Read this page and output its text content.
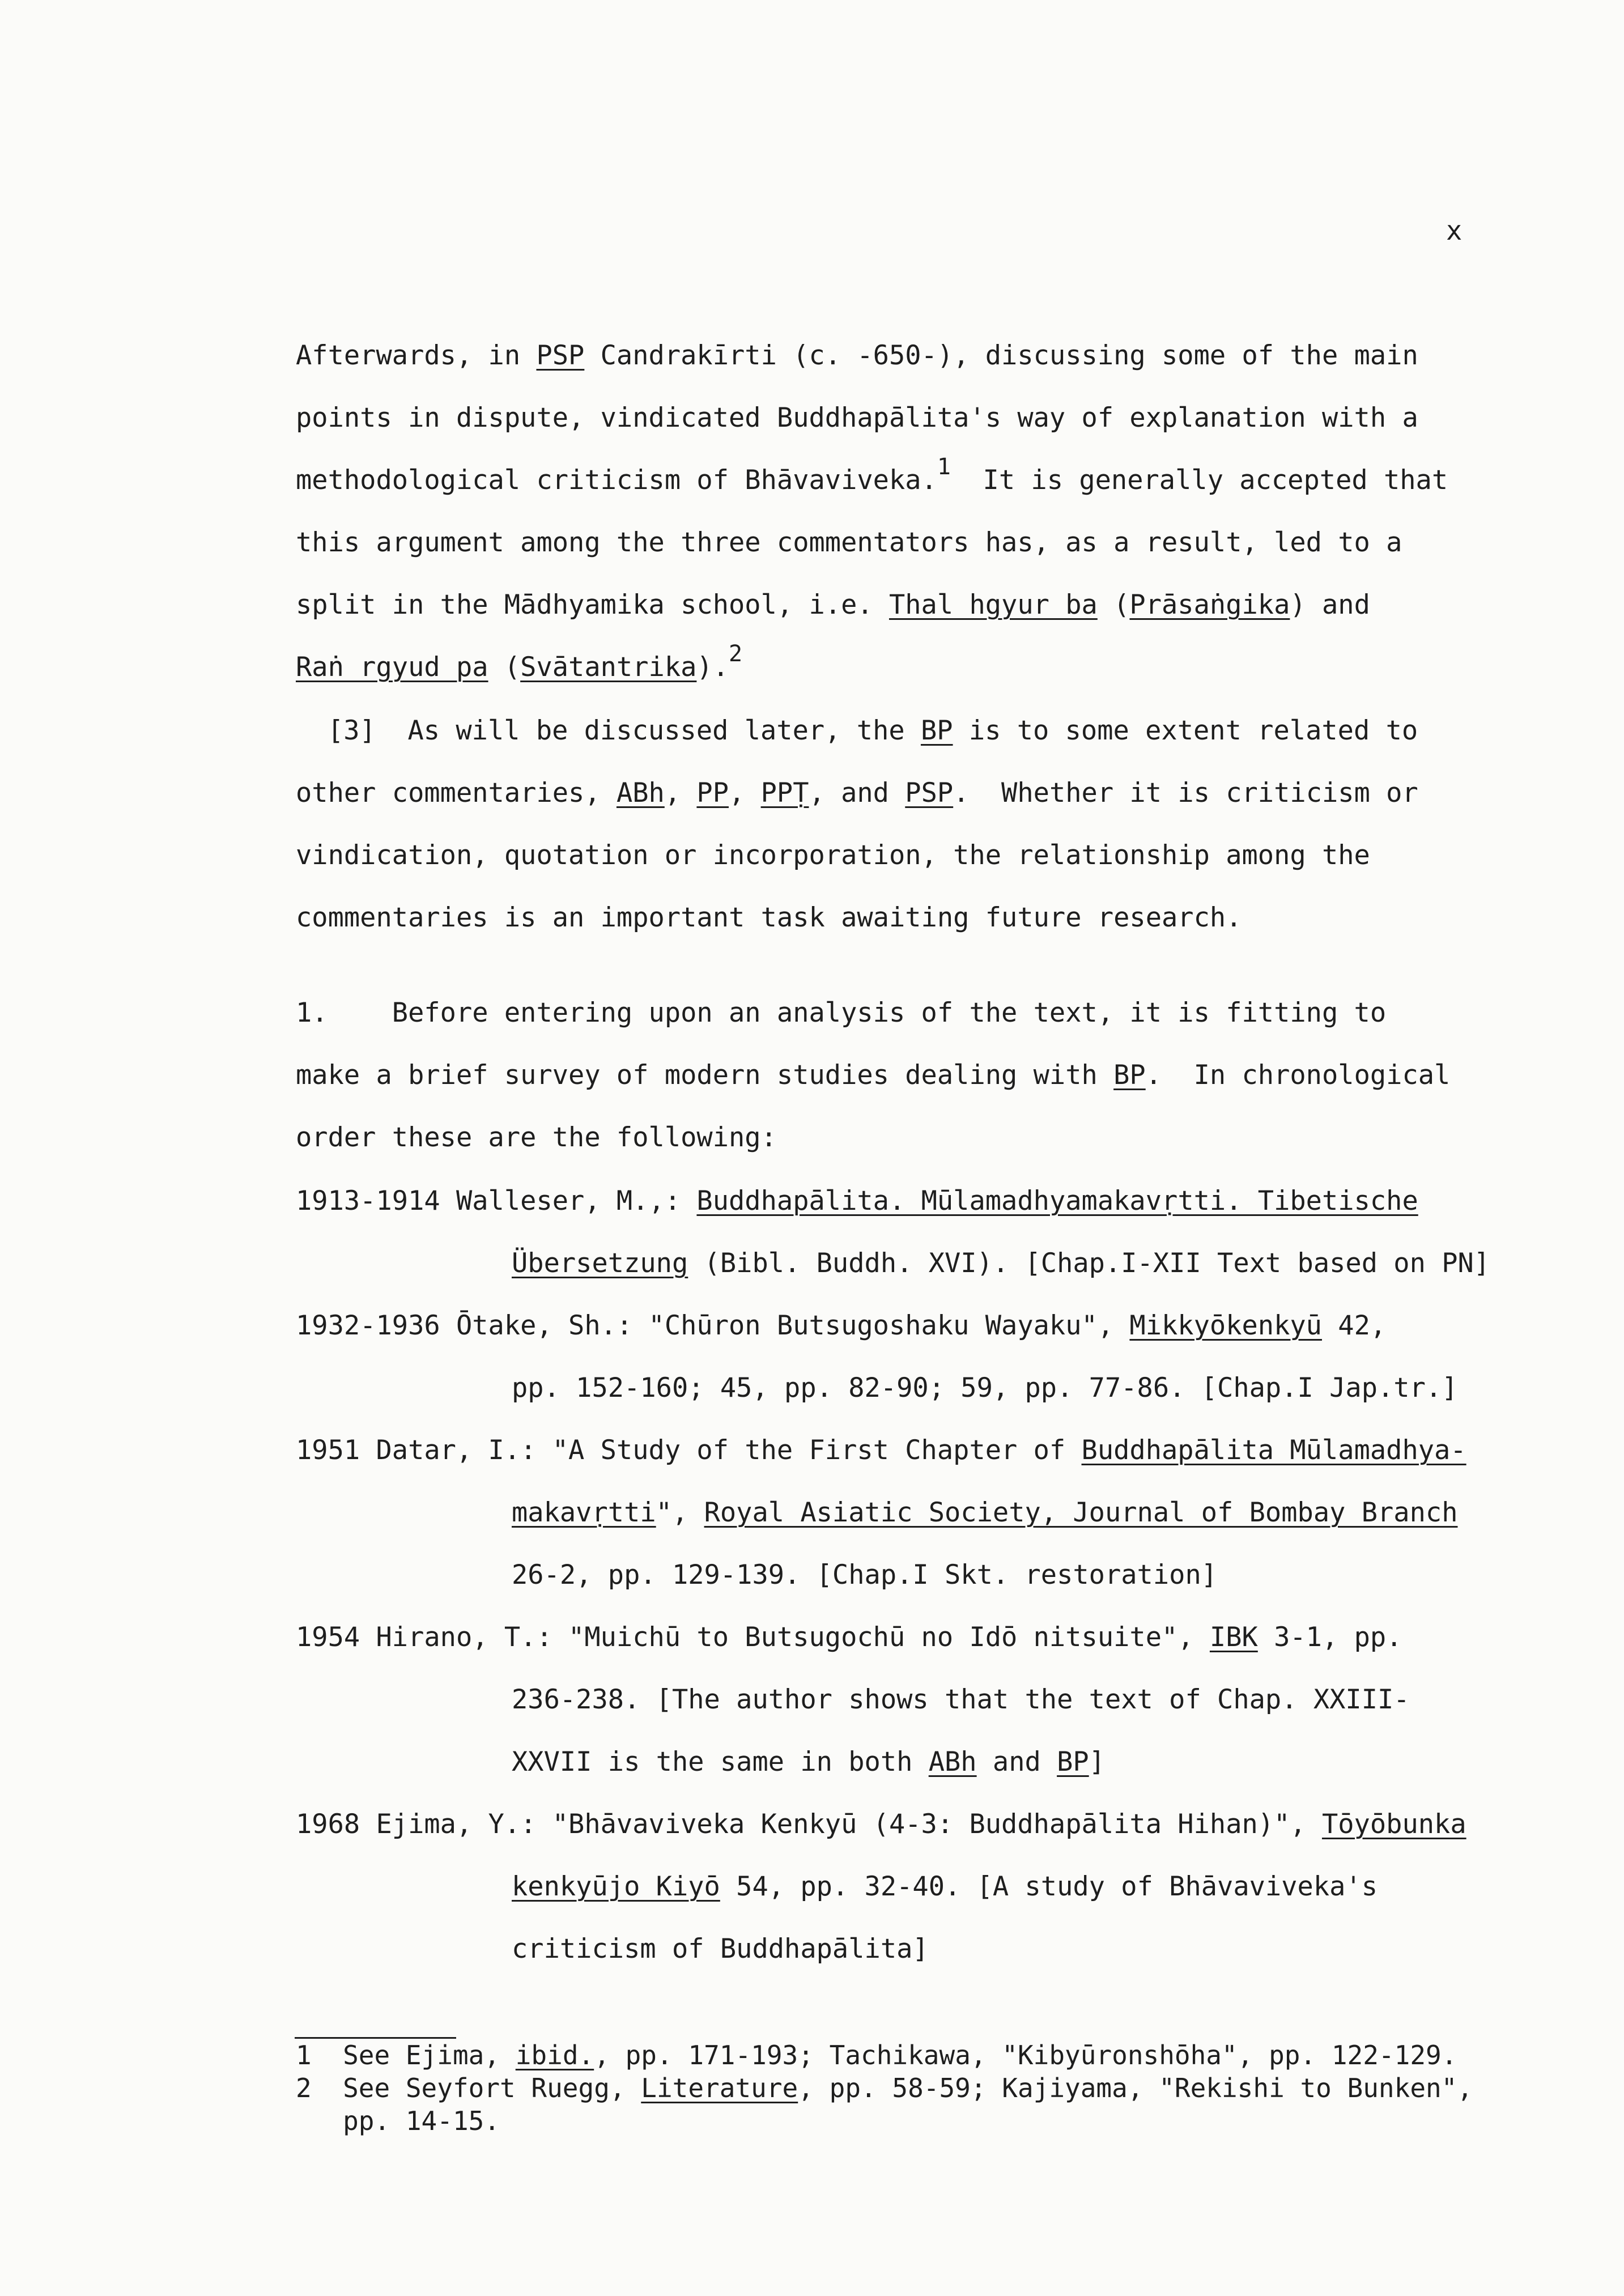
x
Afterwards, in PSP Candrakīrti (c. -650-), discussing some of the main
points in dispute, vindicated Buddhapālita's way of explanation with a
methodological criticism of Bhāvaviveka.1  It is generally accepted that
this argument among the three commentators has, as a result, led to a
split in the Mādhyamika school, i.e. Thal hgyur ba (Prāsaṅgika) and
Raṅ rgyud pa (Svātantrika).2
[3]  As will be discussed later, the BP is to some extent related to
other commentaries, ABh, PP, PPṬ, and PSP.  Whether it is criticism or
vindication, quotation or incorporation, the relationship among the
commentaries is an important task awaiting future research.
1.    Before entering upon an analysis of the text, it is fitting to
make a brief survey of modern studies dealing with BP.  In chronological
order these are the following:
1913-1914 Walleser, M.,: Buddhapālita. Mūlamadhyamakavṛtti. Tibetische
Übersetzung (Bibl. Buddh. XVI). [Chap.I-XII Text based on PN]
1932-1936 Ōtake, Sh.: "Chūron Butsugoshaku Wayaku", Mikkyōkenkyū 42,
pp. 152-160; 45, pp. 82-90; 59, pp. 77-86. [Chap.I Jap.tr.]
1951 Datar, I.: "A Study of the First Chapter of Buddhapālita Mūlamadhya-
makavṛtti", Royal Asiatic Society, Journal of Bombay Branch
26-2, pp. 129-139. [Chap.I Skt. restoration]
1954 Hirano, T.: "Muichū to Butsugochū no Idō nitsuite", IBK 3-1, pp.
236-238. [The author shows that the text of Chap. XXIII-
XXVII is the same in both ABh and BP]
1968 Ejima, Y.: "Bhāvaviveka Kenkyū (4-3: Buddhapālita Hihan)", Tōyōbunka
kenkyūjo Kiyō 54, pp. 32-40. [A study of Bhāvaviveka's
criticism of Buddhapālita]
1  See Ejima, ibid., pp. 171-193; Tachikawa, "Kibyūronshōha", pp. 122-129.
2  See Seyfort Ruegg, Literature, pp. 58-59; Kajiyama, "Rekishi to Bunken",
pp. 14-15.
